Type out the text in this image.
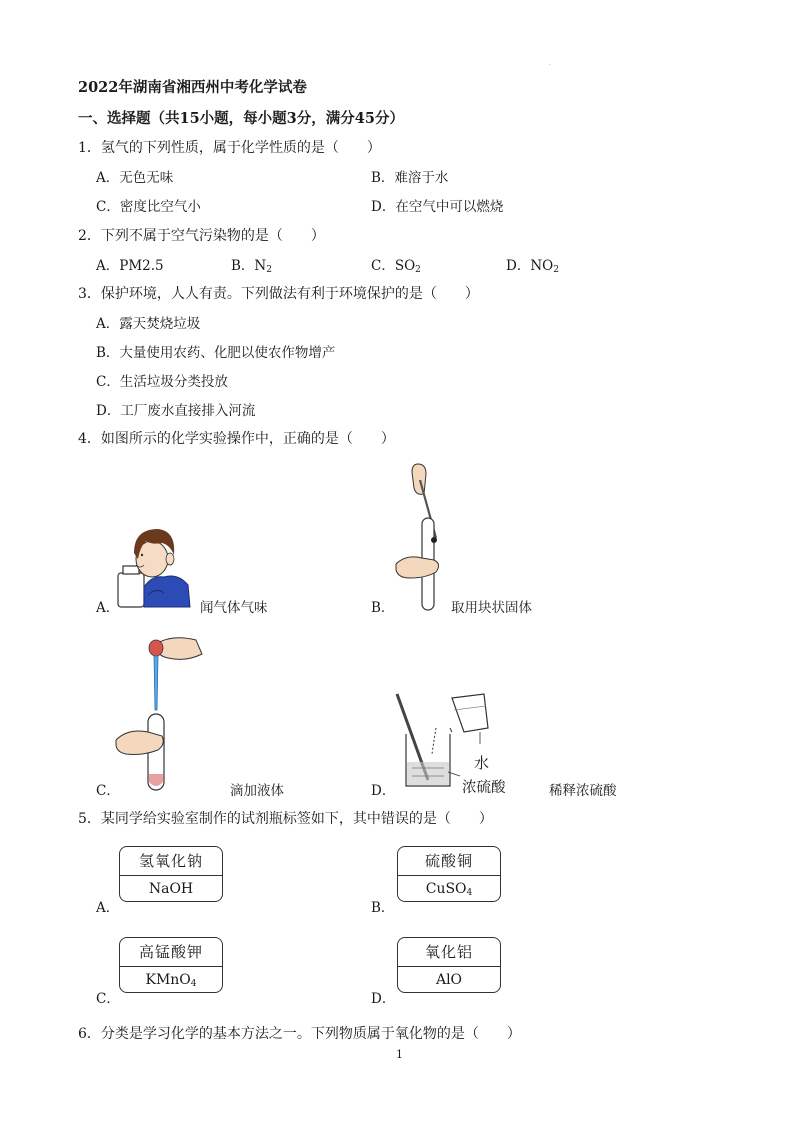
·
2022年湖南省湘西州中考化学试卷
一、选择题（共15小题，每小题3分，满分45分）
1．氢气的下列性质，属于化学性质的是（　　）
A．无色无味	B．难溶于水
C．密度比空气小	D．在空气中可以燃烧
2．下列不属于空气污染物的是（　　）
A．PM2.5	B．$N_2$	C．$SO_2$	D．$NO_2$
3．保护环境，人人有责。下列做法有利于环境保护的是（　　）
A．露天焚烧垃圾
B．大量使用农药、化肥以使农作物增产
C．生活垃圾分类投放
D．工厂废水直接排入河流
4．如图所示的化学实验操作中，正确的是（　　）
A．	闻气体气味	B．	取用块状固体
C．	滴加液体
水
浓硫酸
D．	稀释浓硫酸
5．某同学给实验室制作的试剂瓶标签如下，其中错误的是（　　）
氢氧化钠
NaOH
A．
硫酸铜
CuSO$_4$
B．
高锰酸钾
KMnO$_4$
C．
氧化铝
AlO
D．
6．分类是学习化学的基本方法之一。下列物质属于氧化物的是（　　）
1
